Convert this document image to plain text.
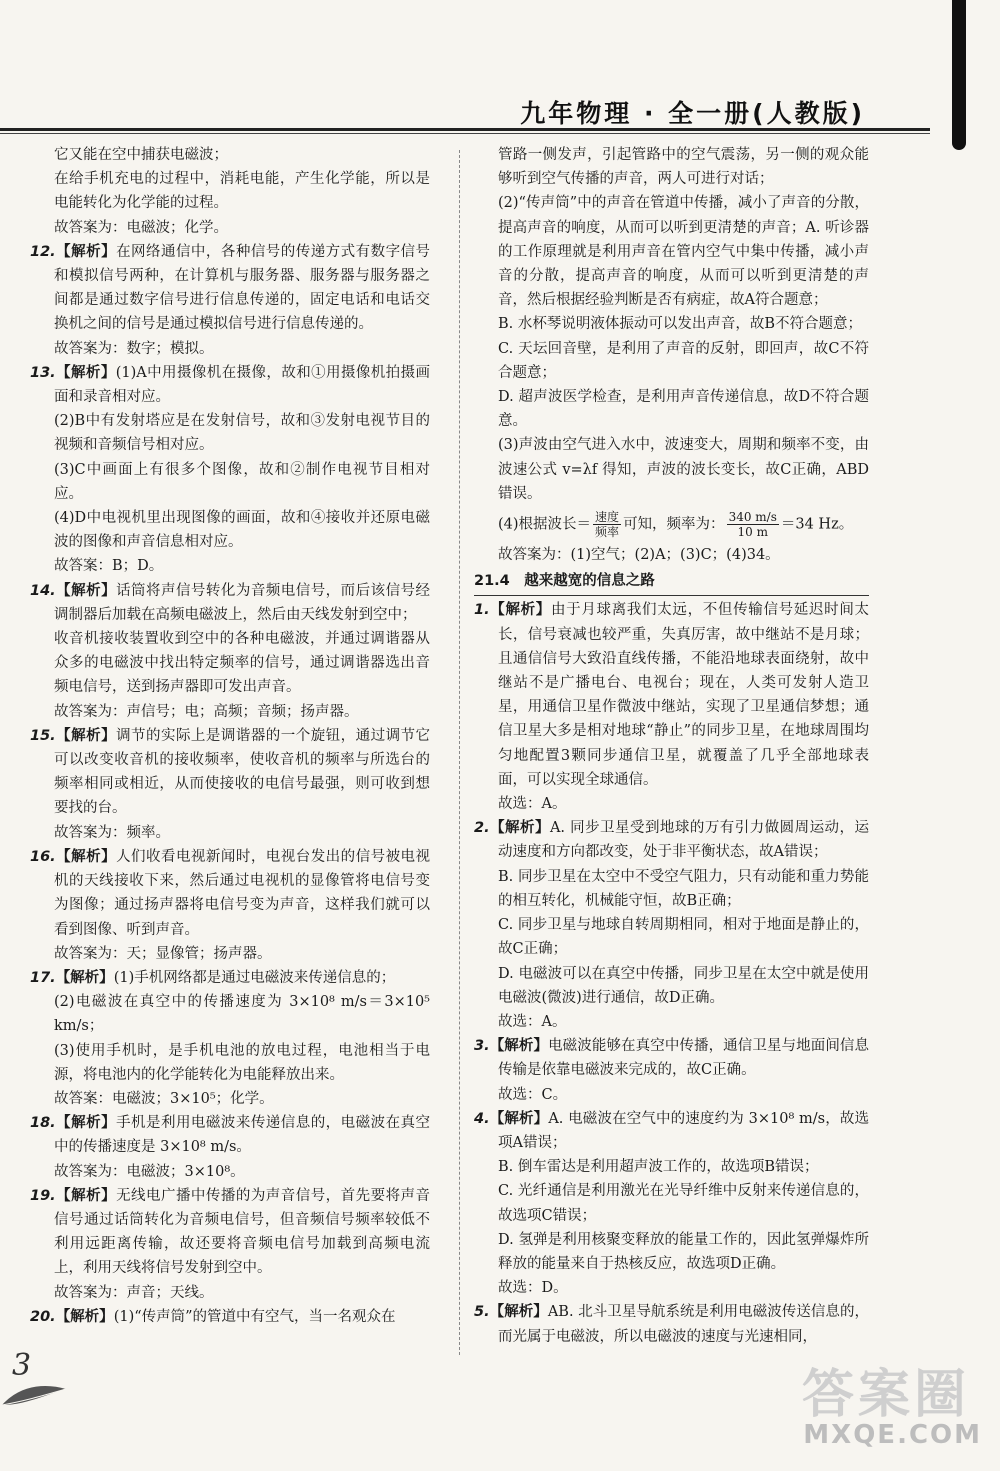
九年物理 · 全一册(人教版)

它又能在空中捕获电磁波；

在给手机充电的过程中，消耗电能，产生化学能，所以是电能转化为化学能的过程。

故答案为：电磁波；化学。

12.【解析】在网络通信中，各种信号的传递方式有数字信号和模拟信号两种，在计算机与服务器、服务器与服务器之间都是通过数字信号进行信息传递的，固定电话和电话交换机之间的信号是通过模拟信号进行信息传递的。

故答案为：数字；模拟。

13.【解析】(1)A中用摄像机在摄像，故和①用摄像机拍摄画面和录音相对应。

(2)B中有发射塔应是在发射信号，故和③发射电视节目的视频和音频信号相对应。

(3)C中画面上有很多个图像，故和②制作电视节目相对应。

(4)D中电视机里出现图像的画面，故和④接收并还原电磁波的图像和声音信息相对应。

故答案：B；D。

14.【解析】话筒将声信号转化为音频电信号，而后该信号经调制器后加载在高频电磁波上，然后由天线发射到空中；

收音机接收装置收到空中的各种电磁波，并通过调谐器从众多的电磁波中找出特定频率的信号，通过调谐器选出音频电信号，送到扬声器即可发出声音。

故答案为：声信号；电；高频；音频；扬声器。

15.【解析】调节的实际上是调谐器的一个旋钮，通过调节它可以改变收音机的接收频率，使收音机的频率与所选台的频率相同或相近，从而使接收的电信号最强，则可收到想要找的台。

故答案为：频率。

16.【解析】人们收看电视新闻时，电视台发出的信号被电视机的天线接收下来，然后通过电视机的显像管将电信号变为图像；通过扬声器将电信号变为声音，这样我们就可以看到图像、听到声音。

故答案为：天；显像管；扬声器。

17.【解析】(1)手机网络都是通过电磁波来传递信息的；

(2)电磁波在真空中的传播速度为 3×10⁸ m/s＝3×10⁵ km/s；

(3)使用手机时，是手机电池的放电过程，电池相当于电源，将电池内的化学能转化为电能释放出来。

故答案：电磁波；3×10⁵；化学。

18.【解析】手机是利用电磁波来传递信息的，电磁波在真空中的传播速度是 3×10⁸ m/s。

故答案为：电磁波；3×10⁸。

19.【解析】无线电广播中传播的为声音信号，首先要将声音信号通过话筒转化为音频电信号，但音频信号频率较低不利用远距离传输，故还要将音频电信号加载到高频电流上，利用天线将信号发射到空中。

故答案为：声音；天线。

20.【解析】(1)“传声筒”的管道中有空气，当一名观众在

管路一侧发声，引起管路中的空气震荡，另一侧的观众能够听到空气传播的声音，两人可进行对话；

(2)“传声筒”中的声音在管道中传播，减小了声音的分散，提高声音的响度，从而可以听到更清楚的声音；A. 听诊器的工作原理就是利用声音在管内空气中集中传播，减小声音的分散，提高声音的响度，从而可以听到更清楚的声音，然后根据经验判断是否有病症，故A符合题意；

B. 水杯琴说明液体振动可以发出声音，故B不符合题意；

C. 天坛回音壁，是利用了声音的反射，即回声，故C不符合题意；

D. 超声波医学检查，是利用声音传递信息，故D不符合题意。

(3)声波由空气进入水中，波速变大，周期和频率不变，由波速公式 v=λf 得知，声波的波长变长，故C正确，ABD错误。

(4)根据波长＝ $\frac{\text{速度}}{\text{频率}}$ 可知，频率为： $\frac{340 m/s}{10 m} =34$ Hz。

故答案为：(1)空气；(2)A；(3)C；(4)34。

21.4　越来越宽的信息之路

1.【解析】由于月球离我们太远，不但传输信号延迟时间太长，信号衰减也较严重，失真厉害，故中继站不是月球；且通信信号大致沿直线传播，不能沿地球表面绕射，故中继站不是广播电台、电视台；现在，人类可发射人造卫星，用通信卫星作微波中继站，实现了卫星通信梦想；通信卫星大多是相对地球“静止”的同步卫星，在地球周围均匀地配置3颗同步通信卫星，就覆盖了几乎全部地球表面，可以实现全球通信。

故选：A。

2.【解析】A. 同步卫星受到地球的万有引力做圆周运动，运动速度和方向都改变，处于非平衡状态，故A错误；

B. 同步卫星在太空中不受空气阻力，只有动能和重力势能的相互转化，机械能守恒，故B正确；

C. 同步卫星与地球自转周期相同，相对于地面是静止的，故C正确；

D. 电磁波可以在真空中传播，同步卫星在太空中就是使用电磁波(微波)进行通信，故D正确。

故选：A。

3.【解析】电磁波能够在真空中传播，通信卫星与地面间信息传输是依靠电磁波来完成的，故C正确。

故选：C。

4.【解析】A. 电磁波在空气中的速度约为 3×10⁸ m/s，故选项A错误；

B. 倒车雷达是利用超声波工作的，故选项B错误；

C. 光纤通信是利用激光在光导纤维中反射来传递信息的，故选项C错误；

D. 氢弹是利用核聚变释放的能量工作的，因此氢弹爆炸所释放的能量来自于热核反应，故选项D正确。

故选：D。

5.【解析】AB. 北斗卫星导航系统是利用电磁波传送信息的，而光属于电磁波，所以电磁波的速度与光速相同，

3	答案圈
MXQE.COM
